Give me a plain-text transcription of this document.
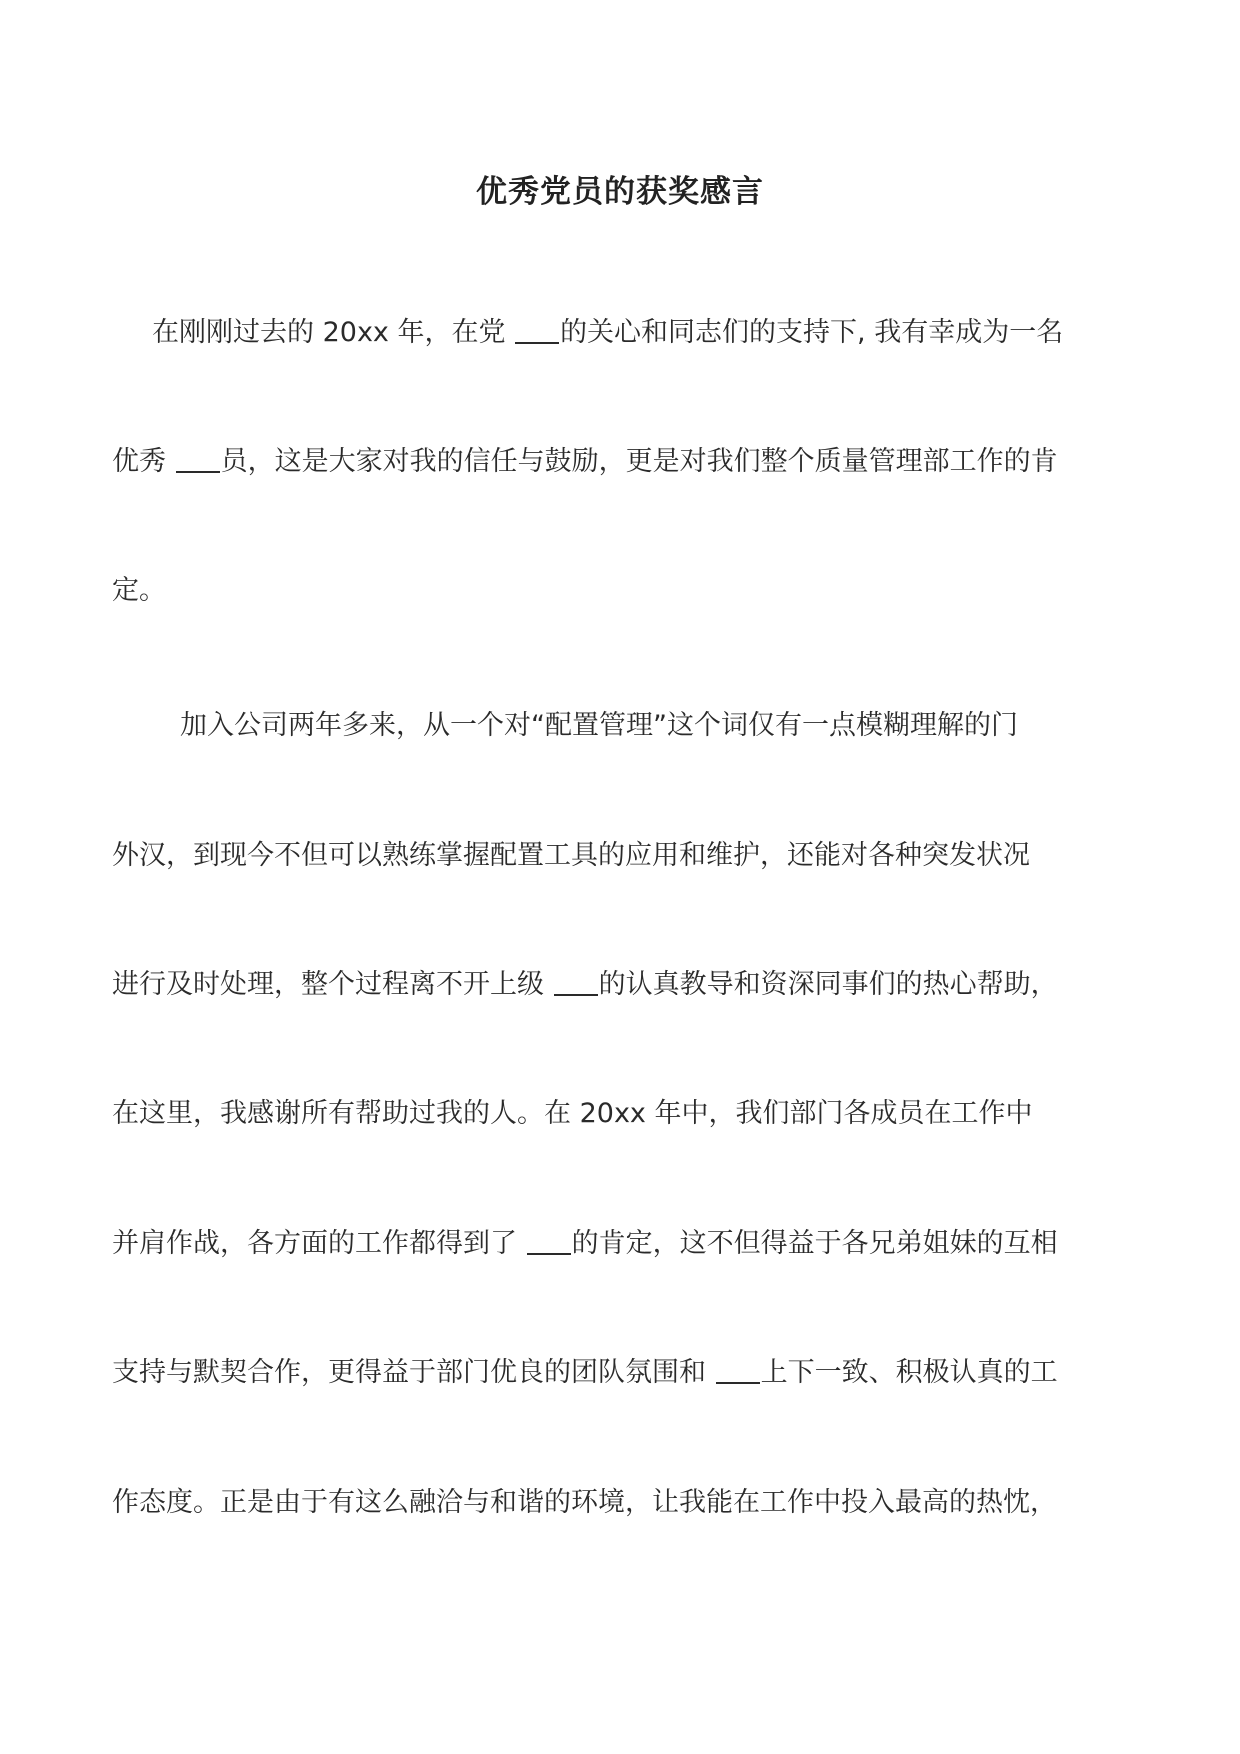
优秀党员的获奖感言
在刚刚过去的 20xx 年，在党 的关心和同志们的支持下, 我有幸成为一名
优秀 员，这是大家对我的信任与鼓励，更是对我们整个质量管理部工作的肯
定。
加入公司两年多来，从一个对“配置管理”这个词仅有一点模糊理解的门
外汉，到现今不但可以熟练掌握配置工具的应用和维护，还能对各种突发状况
进行及时处理，整个过程离不开上级 的认真教导和资深同事们的热心帮助，
在这里，我感谢所有帮助过我的人。在 20xx 年中，我们部门各成员在工作中
并肩作战，各方面的工作都得到了 的肯定，这不但得益于各兄弟姐妹的互相
支持与默契合作，更得益于部门优良的团队氛围和 上下一致、积极认真的工
作态度。正是由于有这么融洽与和谐的环境，让我能在工作中投入最高的热忱，
